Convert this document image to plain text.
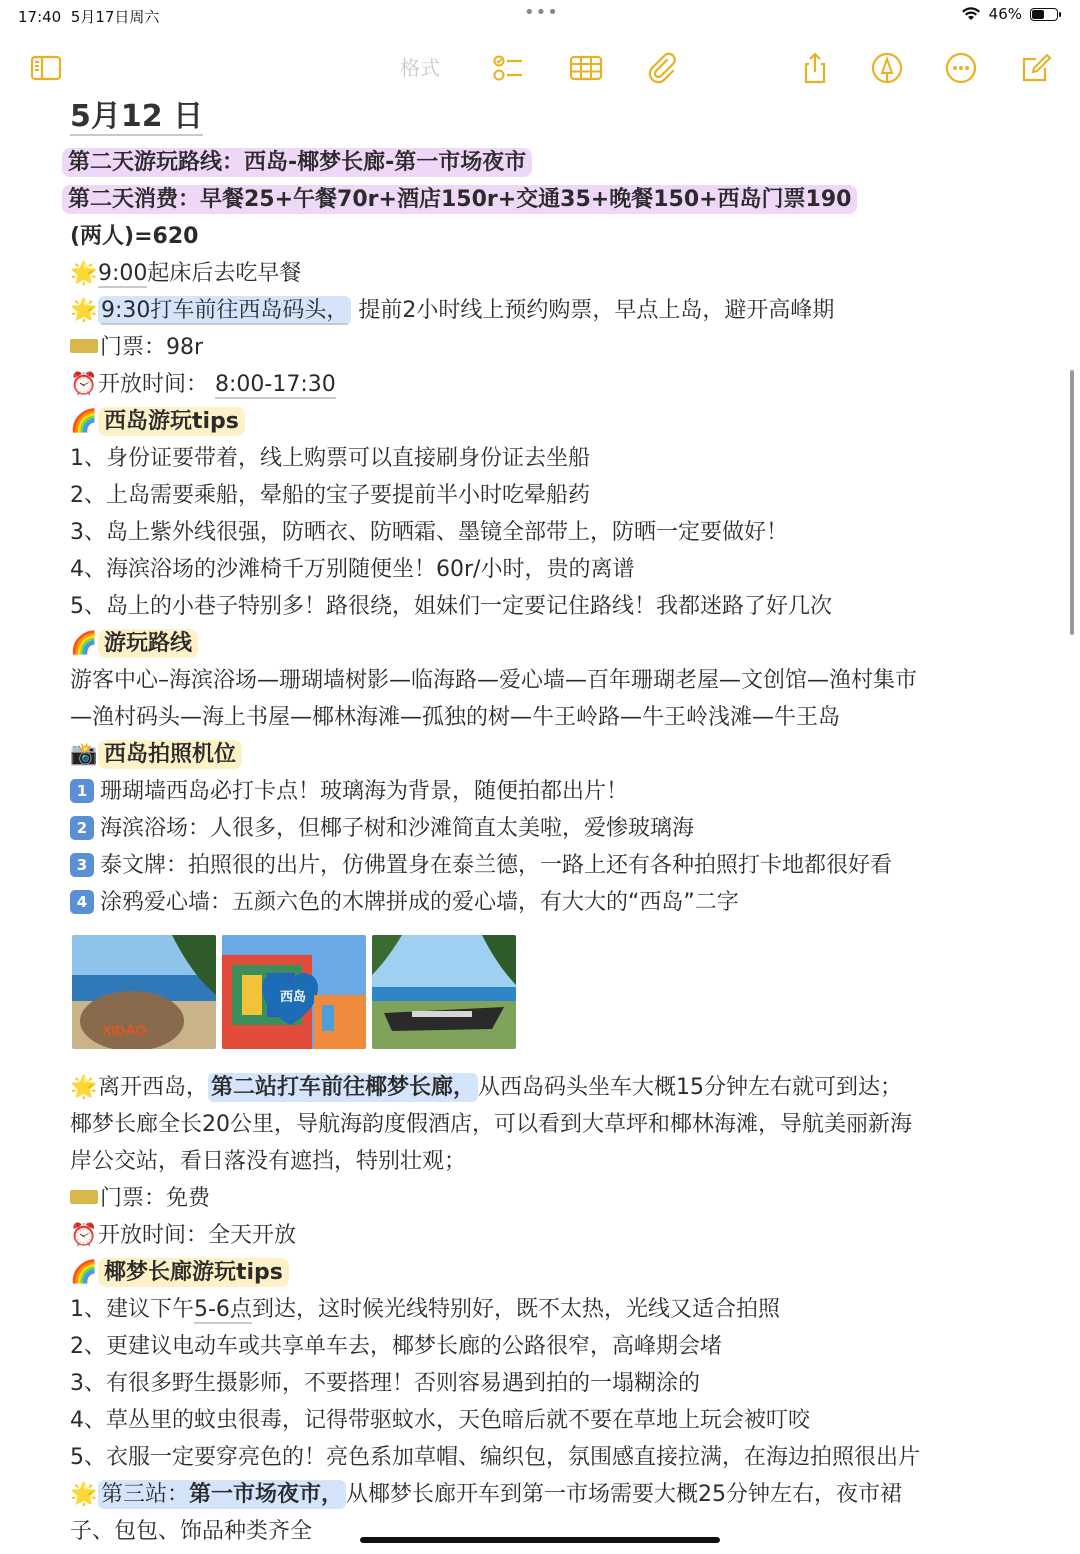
17:40 5月17日周六	•••	46%
格式
5月12 日
第二天游玩路线：西岛-椰梦长廊-第一市场夜市
第二天消费：早餐25+午餐70r+酒店150r+交通35+晚餐150+西岛门票190
(两人)=620
🌟9:00起床后去吃早餐
🌟 9:30打车前往西岛码头， 提前2小时线上预约购票，早点上岛，避开高峰期
门票：98r
⏰开放时间： 8:00-17:30
🌈 西岛游玩tips
1、身份证要带着，线上购票可以直接刷身份证去坐船
2、上岛需要乘船，晕船的宝子要提前半小时吃晕船药
3、岛上紫外线很强，防晒衣、防晒霜、墨镜全部带上，防晒一定要做好！
4、海滨浴场的沙滩椅千万别随便坐！60r/小时，贵的离谱
5、岛上的小巷子特别多！路很绕，姐妹们一定要记住路线！我都迷路了好几次
🌈 游玩路线
游客中心–海滨浴场—珊瑚墙树影—临海路—爱心墙—百年珊瑚老屋—文创馆—渔村集市
—渔村码头—海上书屋—椰林海滩—孤独的树—牛王岭路—牛王岭浅滩—牛王岛
📸 西岛拍照机位
1 珊瑚墙西岛必打卡点！玻璃海为背景，随便拍都出片！
2 海滨浴场：人很多，但椰子树和沙滩简直太美啦，爱惨玻璃海
3 泰文牌：拍照很的出片，仿佛置身在泰兰德，一路上还有各种拍照打卡地都很好看
4 涂鸦爱心墙：五颜六色的木牌拼成的爱心墙，有大大的“西岛”二字
XIDAO
西岛
🌟离开西岛， 第二站打车前往椰梦长廊， 从西岛码头坐车大概15分钟左右就可到达；
椰梦长廊全长20公里，导航海韵度假酒店，可以看到大草坪和椰林海滩，导航美丽新海
岸公交站，看日落没有遮挡，特别壮观；
门票：免费
⏰开放时间：全天开放
🌈 椰梦长廊游玩tips
1、建议下午5-6点到达，这时候光线特别好，既不太热，光线又适合拍照
2、更建议电动车或共享单车去，椰梦长廊的公路很窄，高峰期会堵
3、有很多野生摄影师，不要搭理！否则容易遇到拍的一塌糊涂的
4、草丛里的蚊虫很毒，记得带驱蚊水，天色暗后就不要在草地上玩会被叮咬
5、衣服一定要穿亮色的！亮色系加草帽、编织包，氛围感直接拉满，在海边拍照很出片
🌟 第三站：第一市场夜市， 从椰梦长廊开车到第一市场需要大概25分钟左右，夜市裙
子、包包、饰品种类齐全
